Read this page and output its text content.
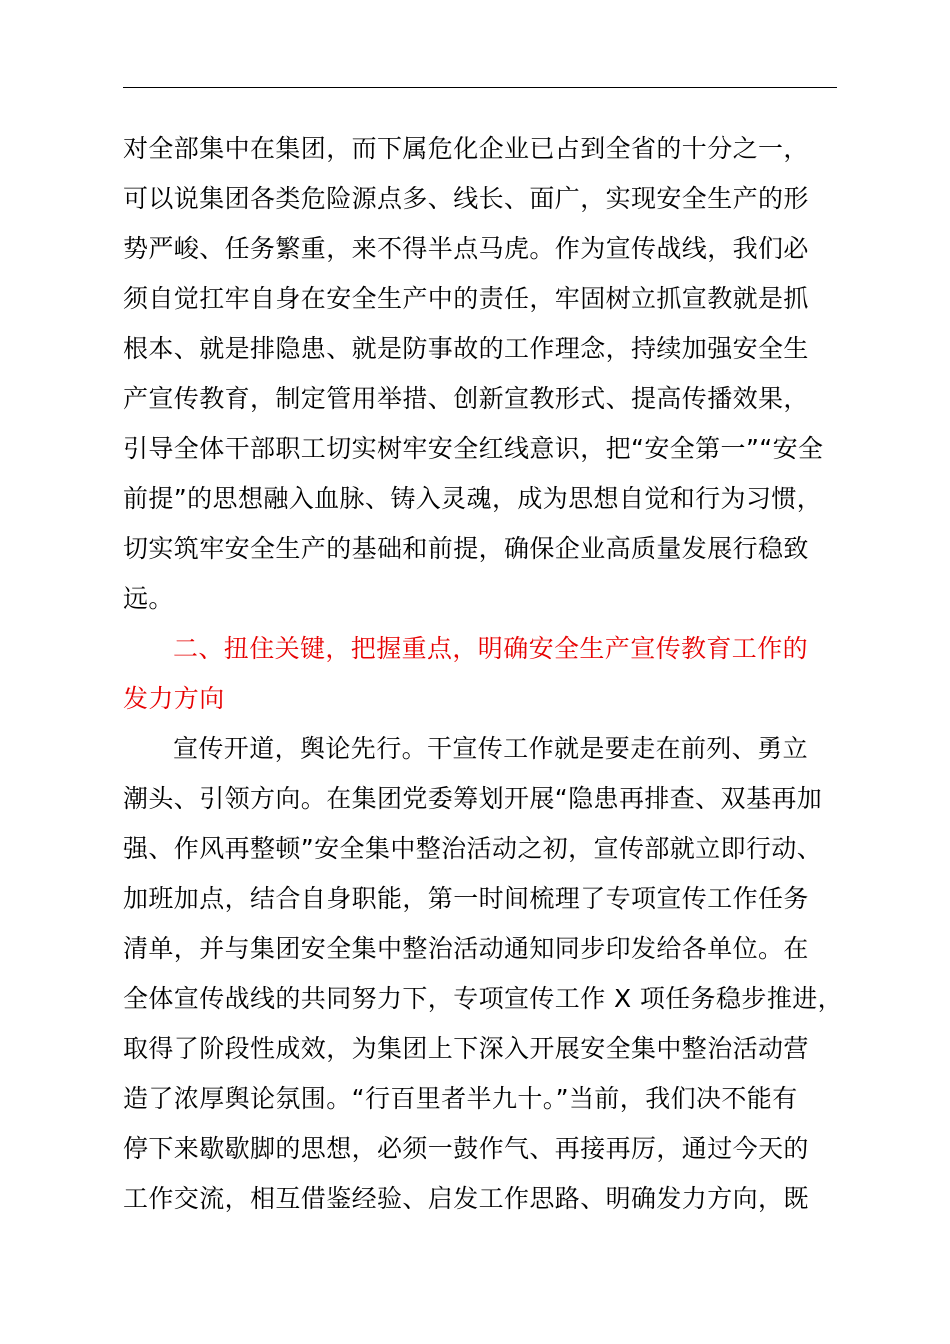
对全部集中在集团，而下属危化企业已占到全省的十分之一，
可以说集团各类危险源点多、线长、面广，实现安全生产的形
势严峻、任务繁重，来不得半点马虎。作为宣传战线，我们必
须自觉扛牢自身在安全生产中的责任，牢固树立抓宣教就是抓
根本、就是排隐患、就是防事故的工作理念，持续加强安全生
产宣传教育，制定管用举措、创新宣教形式、提高传播效果，
引导全体干部职工切实树牢安全红线意识，把“安全第一”“安全
前提”的思想融入血脉、铸入灵魂，成为思想自觉和行为习惯，
切实筑牢安全生产的基础和前提，确保企业高质量发展行稳致
远。
二、扭住关键，把握重点，明确安全生产宣传教育工作的
发力方向
宣传开道，舆论先行。干宣传工作就是要走在前列、勇立
潮头、引领方向。在集团党委筹划开展“隐患再排查、双基再加
强、作风再整顿”安全集中整治活动之初，宣传部就立即行动、
加班加点，结合自身职能，第一时间梳理了专项宣传工作任务
清单，并与集团安全集中整治活动通知同步印发给各单位。在
全体宣传战线的共同努力下，专项宣传工作 X 项任务稳步推进，
取得了阶段性成效，为集团上下深入开展安全集中整治活动营
造了浓厚舆论氛围。“行百里者半九十。”当前，我们决不能有
停下来歇歇脚的思想，必须一鼓作气、再接再厉，通过今天的
工作交流，相互借鉴经验、启发工作思路、明确发力方向，既
